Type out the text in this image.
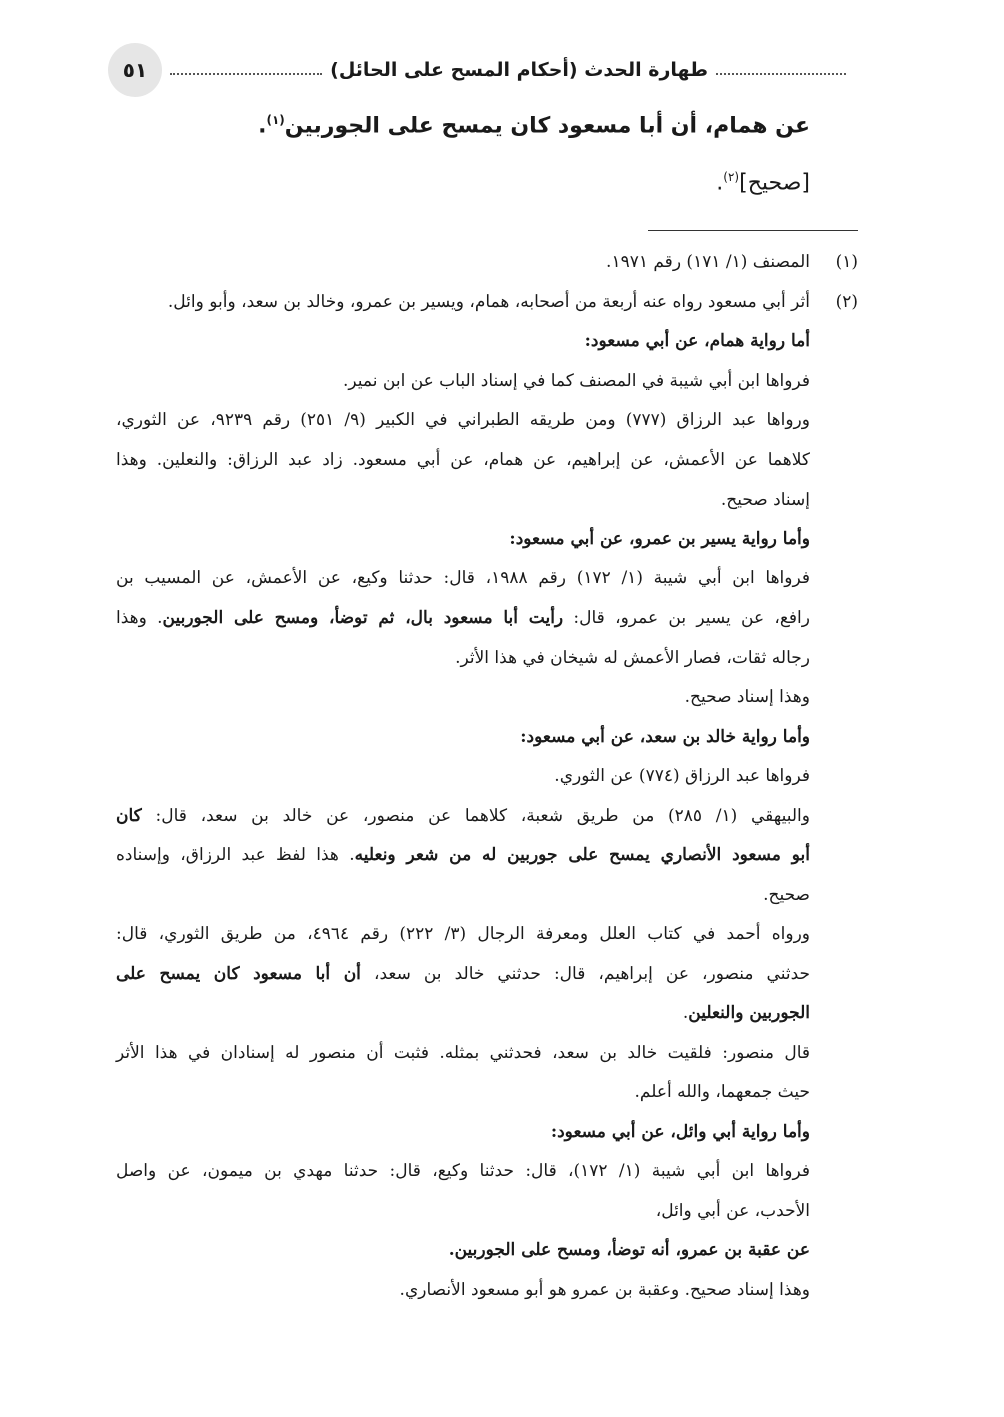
طهارة الحدث (أحكام المسح على الحائل)
٥١
عن همام، أن أبا مسعود كان يمسح على الجوربين$^{(١)}$.
[صحيح]$^{(٢)}$.
(١)المصنف (١/ ١٧١) رقم ١٩٧١.
(٢)أثر أبي مسعود رواه عنه أربعة من أصحابه، همام، ويسير بن عمرو، وخالد بن سعد، وأبو وائل.
أما رواية همام، عن أبي مسعود:
فرواها ابن أبي شيبة في المصنف كما في إسناد الباب عن ابن نمير.
ورواها عبد الرزاق (٧٧٧) ومن طريقه الطبراني في الكبير (٩/ ٢٥١) رقم ٩٢٣٩، عن الثوري،
كلاهما عن الأعمش، عن إبراهيم، عن همام، عن أبي مسعود. زاد عبد الرزاق: والنعلين. وهذا
إسناد صحيح.
وأما رواية يسير بن عمرو، عن أبي مسعود:
فرواها ابن أبي شيبة (١/ ١٧٢) رقم ١٩٨٨، قال: حدثنا وكيع، عن الأعمش، عن المسيب بن
رافع، عن يسير بن عمرو، قال: رأيت أبا مسعود بال، ثم توضأ، ومسح على الجوربين. وهذا
رجاله ثقات، فصار الأعمش له شيخان في هذا الأثر.
وهذا إسناد صحيح.
وأما رواية خالد بن سعد، عن أبي مسعود:
فرواها عبد الرزاق (٧٧٤) عن الثوري.
والبيهقي (١/ ٢٨٥) من طريق شعبة، كلاهما عن منصور، عن خالد بن سعد، قال: كان
أبو مسعود الأنصاري يمسح على جوربين له من شعر ونعليه. هذا لفظ عبد الرزاق، وإسناده
صحيح.
ورواه أحمد في كتاب العلل ومعرفة الرجال (٣/ ٢٢٢) رقم ٤٩٦٤، من طريق الثوري، قال:
حدثني منصور، عن إبراهيم، قال: حدثني خالد بن سعد، أن أبا مسعود كان يمسح على
الجوربين والنعلين.
قال منصور: فلقيت خالد بن سعد، فحدثني بمثله. فثبت أن منصور له إسنادان في هذا الأثر
حيث جمعهما، والله أعلم.
وأما رواية أبي وائل، عن أبي مسعود:
فرواها ابن أبي شيبة (١/ ١٧٢)، قال: حدثنا وكيع، قال: حدثنا مهدي بن ميمون، عن واصل
الأحدب، عن أبي وائل،
عن عقبة بن عمرو، أنه توضأ، ومسح على الجوربين.
وهذا إسناد صحيح. وعقبة بن عمرو هو أبو مسعود الأنصاري.
